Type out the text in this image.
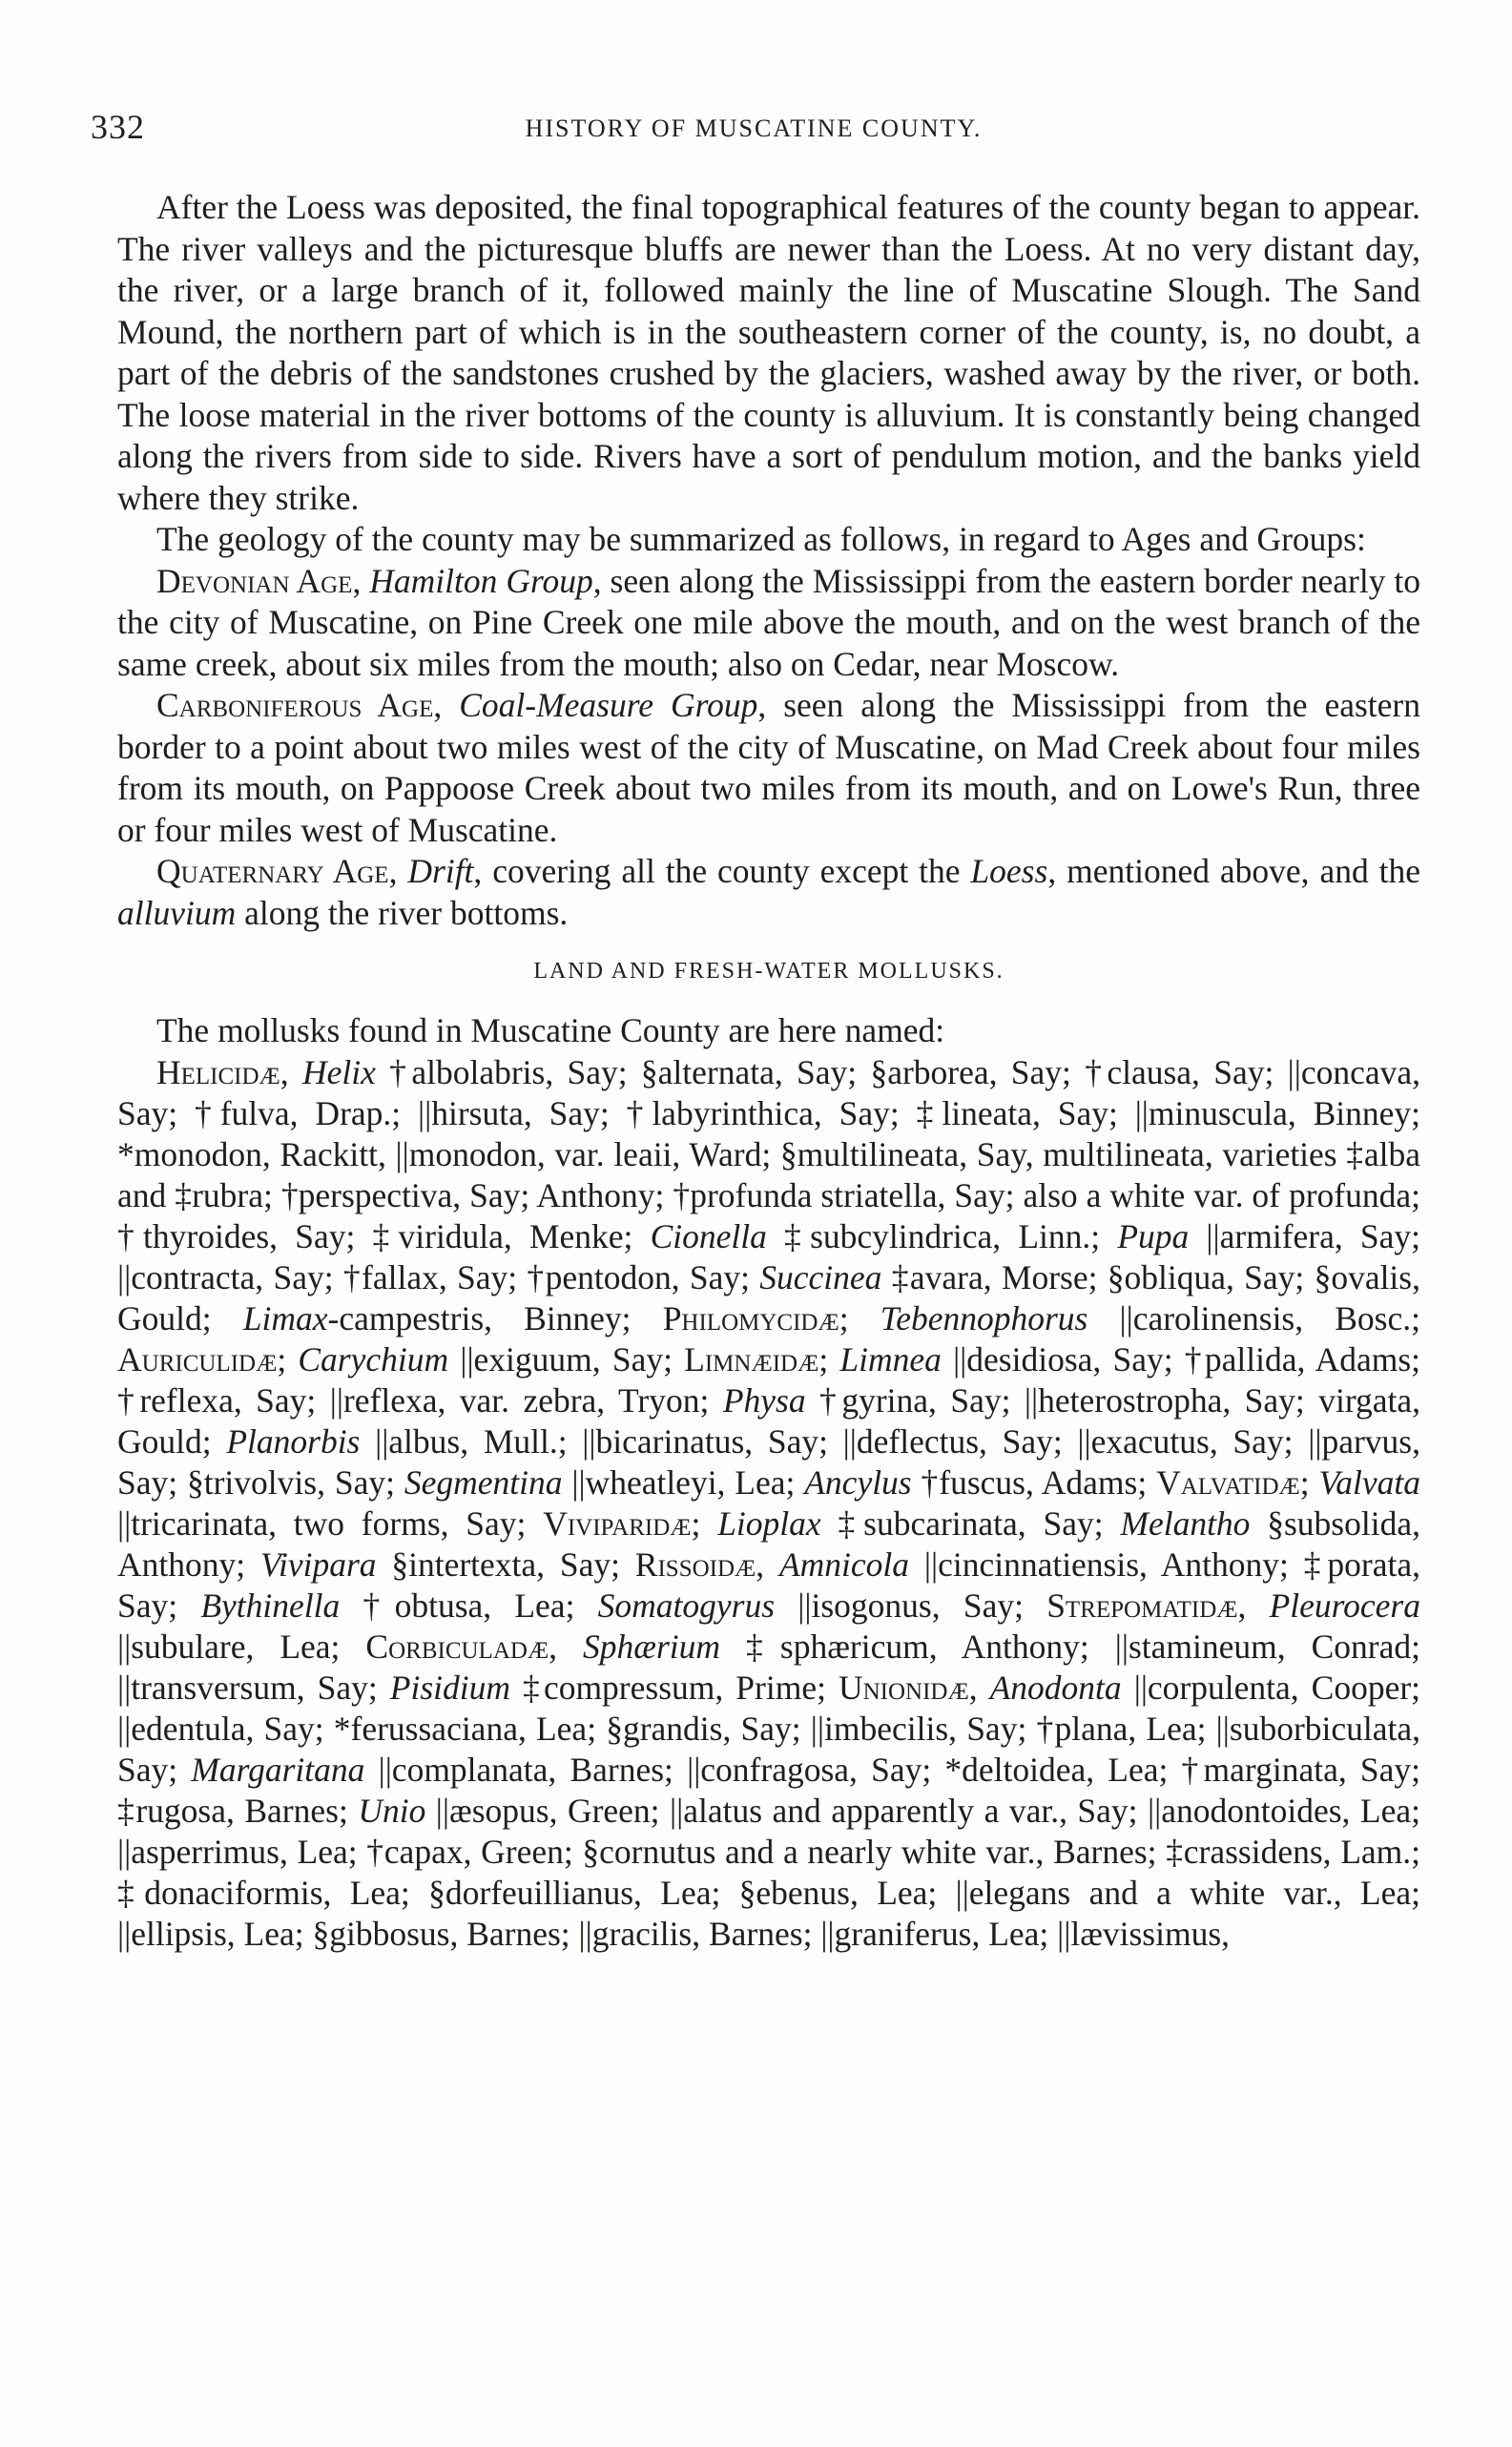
332	HISTORY OF MUSCATINE COUNTY.

After the Loess was deposited, the final topographical features of the county began to appear. The river valleys and the picturesque bluffs are newer than the Loess. At no very distant day, the river, or a large branch of it, followed mainly the line of Muscatine Slough. The Sand Mound, the northern part of which is in the southeastern corner of the county, is, no doubt, a part of the debris of the sandstones crushed by the glaciers, washed away by the river, or both. The loose material in the river bottoms of the county is alluvium. It is constantly being changed along the rivers from side to side. Rivers have a sort of pendulum motion, and the banks yield where they strike.

The geology of the county may be summarized as follows, in regard to Ages and Groups:

Devonian Age, Hamilton Group, seen along the Mississippi from the eastern border nearly to the city of Muscatine, on Pine Creek one mile above the mouth, and on the west branch of the same creek, about six miles from the mouth; also on Cedar, near Moscow.

Carboniferous Age, Coal-Measure Group, seen along the Mississippi from the eastern border to a point about two miles west of the city of Muscatine, on Mad Creek about four miles from its mouth, on Pappoose Creek about two miles from its mouth, and on Lowe's Run, three or four miles west of Muscatine.

Quaternary Age, Drift, covering all the county except the Loess, mentioned above, and the alluvium along the river bottoms.

LAND AND FRESH-WATER MOLLUSKS.

The mollusks found in Muscatine County are here named:

Helicidæ, Helix †albolabris, Say; §alternata, Say; §arborea, Say; †clausa, Say; ||concava, Say; †fulva, Drap.; ||hirsuta, Say; †labyrinthica, Say; ‡lineata, Say; ||minuscula, Binney; *monodon, Rackitt, ||monodon, var. leaii, Ward; §multilineata, Say, multilineata, varieties ‡alba and ‡rubra; †perspectiva, Say; Anthony; †profunda striatella, Say; also a white var. of profunda; †thyroides, Say; ‡viridula, Menke; Cionella ‡subcylindrica, Linn.; Pupa ||armifera, Say; ||contracta, Say; †fallax, Say; †pentodon, Say; Succinea ‡avara, Morse; §obliqua, Say; §ovalis, Gould; Limax-campestris, Binney; Philomycidæ; Tebennophorus ||carolinensis, Bosc.; Auriculidæ; Carychium ||exiguum, Say; Limnæidæ; Limnea ||desidiosa, Say; †pallida, Adams; †reflexa, Say; ||reflexa, var. zebra, Tryon; Physa †gyrina, Say; ||heterostropha, Say; virgata, Gould; Planorbis ||albus, Mull.; ||bicarinatus, Say; ||deflectus, Say; ||exacutus, Say; ||parvus, Say; §trivolvis, Say; Segmentina ||wheatleyi, Lea; Ancylus †fuscus, Adams; Valvatidæ; Valvata ||tricarinata, two forms, Say; Viviparidæ; Lioplax ‡subcarinata, Say; Melantho §subsolida, Anthony; Vivipara §intertexta, Say; Rissoidæ, Amnicola ||cincinnatiensis, Anthony; ‡porata, Say; Bythinella †obtusa, Lea; Somatogyrus ||isogonus, Say; Strepomatidæ, Pleurocera ||subulare, Lea; Corbiculadæ, Sphærium ‡sphæricum, Anthony; ||stamineum, Conrad; ||transversum, Say; Pisidium ‡compressum, Prime; Unionidæ, Anodonta ||corpulenta, Cooper; ||edentula, Say; *ferussaciana, Lea; §grandis, Say; ||imbecilis, Say; †plana, Lea; ||suborbiculata, Say; Margaritana ||complanata, Barnes; ||confragosa, Say; *deltoidea, Lea; †marginata, Say; ‡rugosa, Barnes; Unio ||æsopus, Green; ||alatus and apparently a var., Say; ||anodontoides, Lea; ||asperrimus, Lea; †capax, Green; §cornutus and a nearly white var., Barnes; ‡crassidens, Lam.; ‡donaciformis, Lea; §dorfeuillianus, Lea; §ebenus, Lea; ||elegans and a white var., Lea; ||ellipsis, Lea; §gibbosus, Barnes; ||gracilis, Barnes; ||graniferus, Lea; ||lævissimus,
